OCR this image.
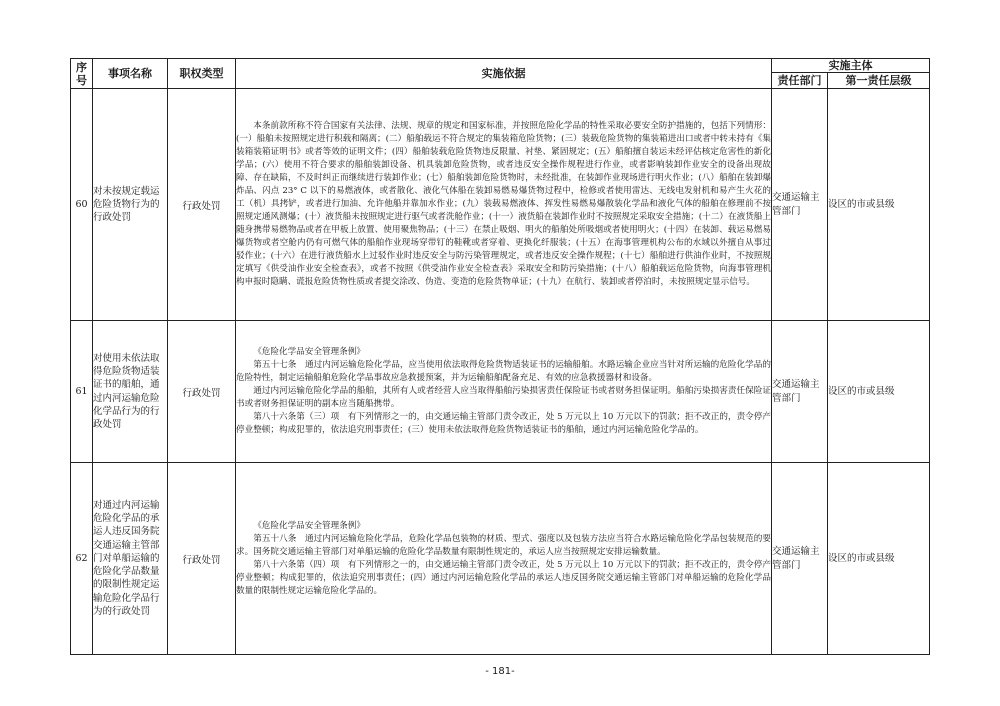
序号	事项名称	职权类型	实施依据	实施主体	
				责任部门	第一责任层级
60	对未按规定载运危险货物行为的行政处罚	行政处罚	本条前款所称不符合国家有关法律、法规、规章的规定和国家标准，并按照危险化学品的特性采取必要安全防护措施的，包括下列情形：(一）船舶未按照规定进行积载和隔离；(二）船舶载运不符合规定的集装箱危险货物；(三）装载危险货物的集装箱进出口或者中转未持有《集装箱装箱证明书》或者等效的证明文件；(四）船舶装载危险货物违反限量、衬垫、紧固规定；(五）船舶擅自装运未经评估核定危害性的新化学品；(六）使用不符合要求的船舶装卸设备、机具装卸危险货物，或者违反安全操作规程进行作业，或者影响装卸作业安全的设备出现故障、存在缺陷，不及时纠正而继续进行装卸作业；(七）船舶装卸危险货物时，未经批准，在装卸作业现场进行明火作业；(八）船舶在装卸爆炸品、闪点 23° C 以下的易燃液体，或者散化、液化气体船在装卸易燃易爆货物过程中，检修或者使用雷达、无线电发射机和易产生火花的工（机）具拷铲，或者进行加油、允许他船并靠加水作业；(九）装载易燃液体、挥发性易燃易爆散装化学品和液化气体的船舶在修理前不按照规定通风测爆；(十）液货船未按照规定进行驱气或者洗舱作业；(十一）液货船在装卸作业时不按照规定采取安全措施；(十二）在液货船上随身携带易燃物品或者在甲板上放置、使用聚焦物品；(十三）在禁止吸烟、明火的船舶处所吸烟或者使用明火；(十四）在装卸、载运易燃易爆货物或者空舱内仍有可燃气体的船舶作业现场穿带钉的鞋靴或者穿着、更换化纤服装；(十五）在海事管理机构公布的水域以外擅自从事过驳作业；(十六）在进行液货船水上过驳作业时违反安全与防污染管理规定，或者违反安全操作规程；(十七）船舶进行供油作业时，不按照规定填写《供受油作业安全检查表》，或者不按照《供受油作业安全检查表》采取安全和防污染措施；(十八）船舶载运危险货物，向海事管理机构申报时隐瞒、谎报危险货物性质或者提交涂改、伪造、变造的危险货物单证；(十九）在航行、装卸或者停泊时，未按照规定显示信号。	交通运输主管部门	设区的市或县级
61	对使用未依法取得危险货物适装证书的船舶，通过内河运输危险化学品行为的行政处罚	行政处罚	《危险化学品安全管理条例》

第五十七条　通过内河运输危险化学品，应当使用依法取得危险货物适装证书的运输船舶。水路运输企业应当针对所运输的危险化学品的危险特性，制定运输船舶危险化学品事故应急救援预案，并为运输船舶配备充足、有效的应急救援器材和设备。

通过内河运输危险化学品的船舶，其所有人或者经营人应当取得船舶污染损害责任保险证书或者财务担保证明。船舶污染损害责任保险证书或者财务担保证明的副本应当随船携带。

第八十六条第（三）项　有下列情形之一的，由交通运输主管部门责令改正，处 5 万元以上 10 万元以下的罚款；拒不改正的，责令停产停业整顿；构成犯罪的，依法追究刑事责任；(三）使用未依法取得危险货物适装证书的船舶，通过内河运输危险化学品的。	交通运输主管部门	设区的市或县级
62	对通过内河运输危险化学品的承运人违反国务院交通运输主管部门对单船运输的危险化学品数量的限制性规定运输危险化学品行为的行政处罚	行政处罚	《危险化学品安全管理条例》

第五十八条　通过内河运输危险化学品，危险化学品包装物的材质、型式、强度以及包装方法应当符合水路运输危险化学品包装规范的要求。国务院交通运输主管部门对单船运输的危险化学品数量有限制性规定的，承运人应当按照规定安排运输数量。

第八十六条第（四）项　有下列情形之一的，由交通运输主管部门责令改正，处 5 万元以上 10 万元以下的罚款；拒不改正的，责令停产停业整顿；构成犯罪的，依法追究刑事责任；(四）通过内河运输危险化学品的承运人违反国务院交通运输主管部门对单船运输的危险化学品数量的限制性规定运输危险化学品的。	交通运输主管部门	设区的市或县级
- 181-
